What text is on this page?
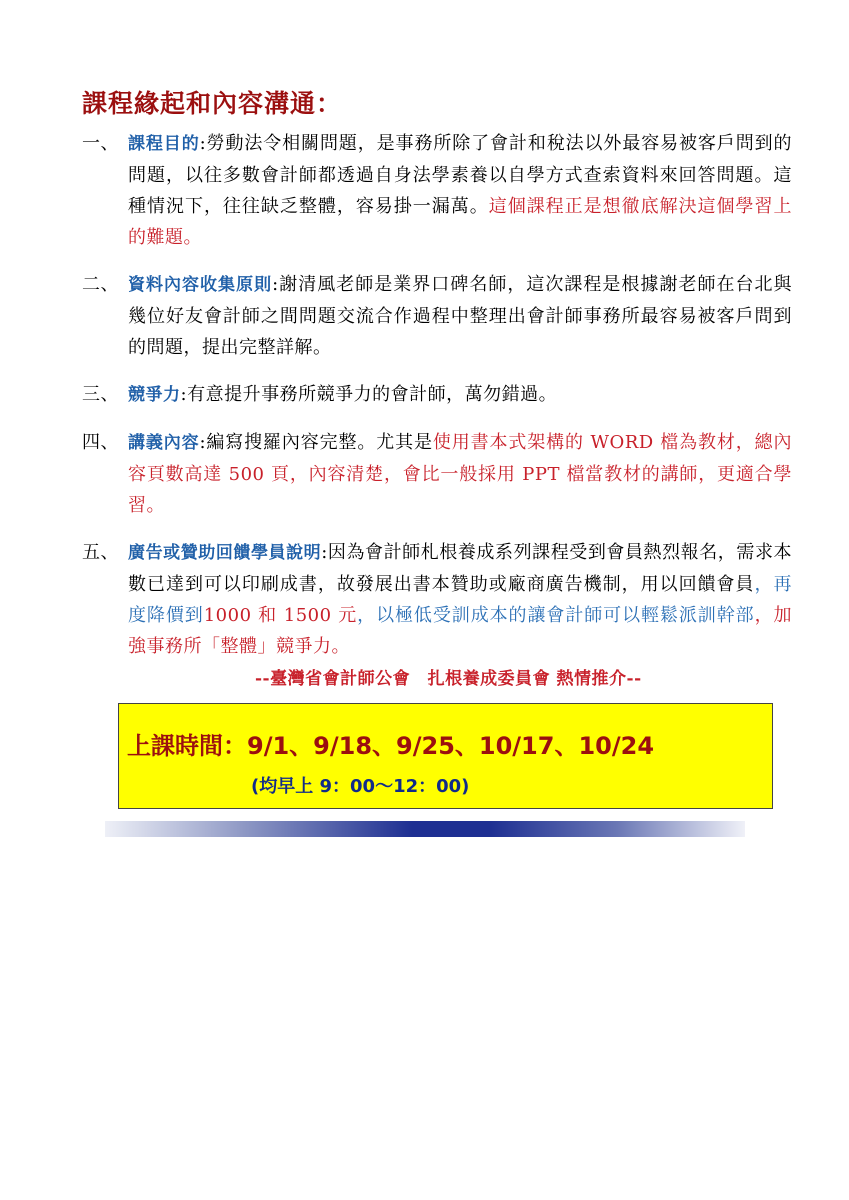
課程緣起和內容溝通：
一、 課程目的:勞動法令相關問題，是事務所除了會計和稅法以外最容易被客戶問到的問題，以往多數會計師都透過自身法學素養以自學方式查索資料來回答問題。這種情況下，往往缺乏整體，容易掛一漏萬。這個課程正是想徹底解決這個學習上的難題。
二、 資料內容收集原則:謝清風老師是業界口碑名師，這次課程是根據謝老師在台北與幾位好友會計師之間問題交流合作過程中整理出會計師事務所最容易被客戶問到的問題，提出完整詳解。
三、 競爭力:有意提升事務所競爭力的會計師，萬勿錯過。
四、 講義內容:編寫搜羅內容完整。尤其是使用書本式架構的 WORD 檔為教材，總內容頁數高達 500 頁，內容清楚，會比一般採用 PPT 檔當教材的講師，更適合學習。
五、 廣告或贊助回饋學員說明:因為會計師札根養成系列課程受到會員熱烈報名，需求本數已達到可以印刷成書，故發展出書本贊助或廠商廣告機制，用以回饋會員，再度降價到1000 和 1500 元，以極低受訓成本的讓會計師可以輕鬆派訓幹部，加強事務所「整體」競爭力。
--臺灣省會計師公會　扎根養成委員會 熱情推介--
上課時間：9/1、9/18、9/25、10/17、10/24
(均早上 9：00～12：00)
